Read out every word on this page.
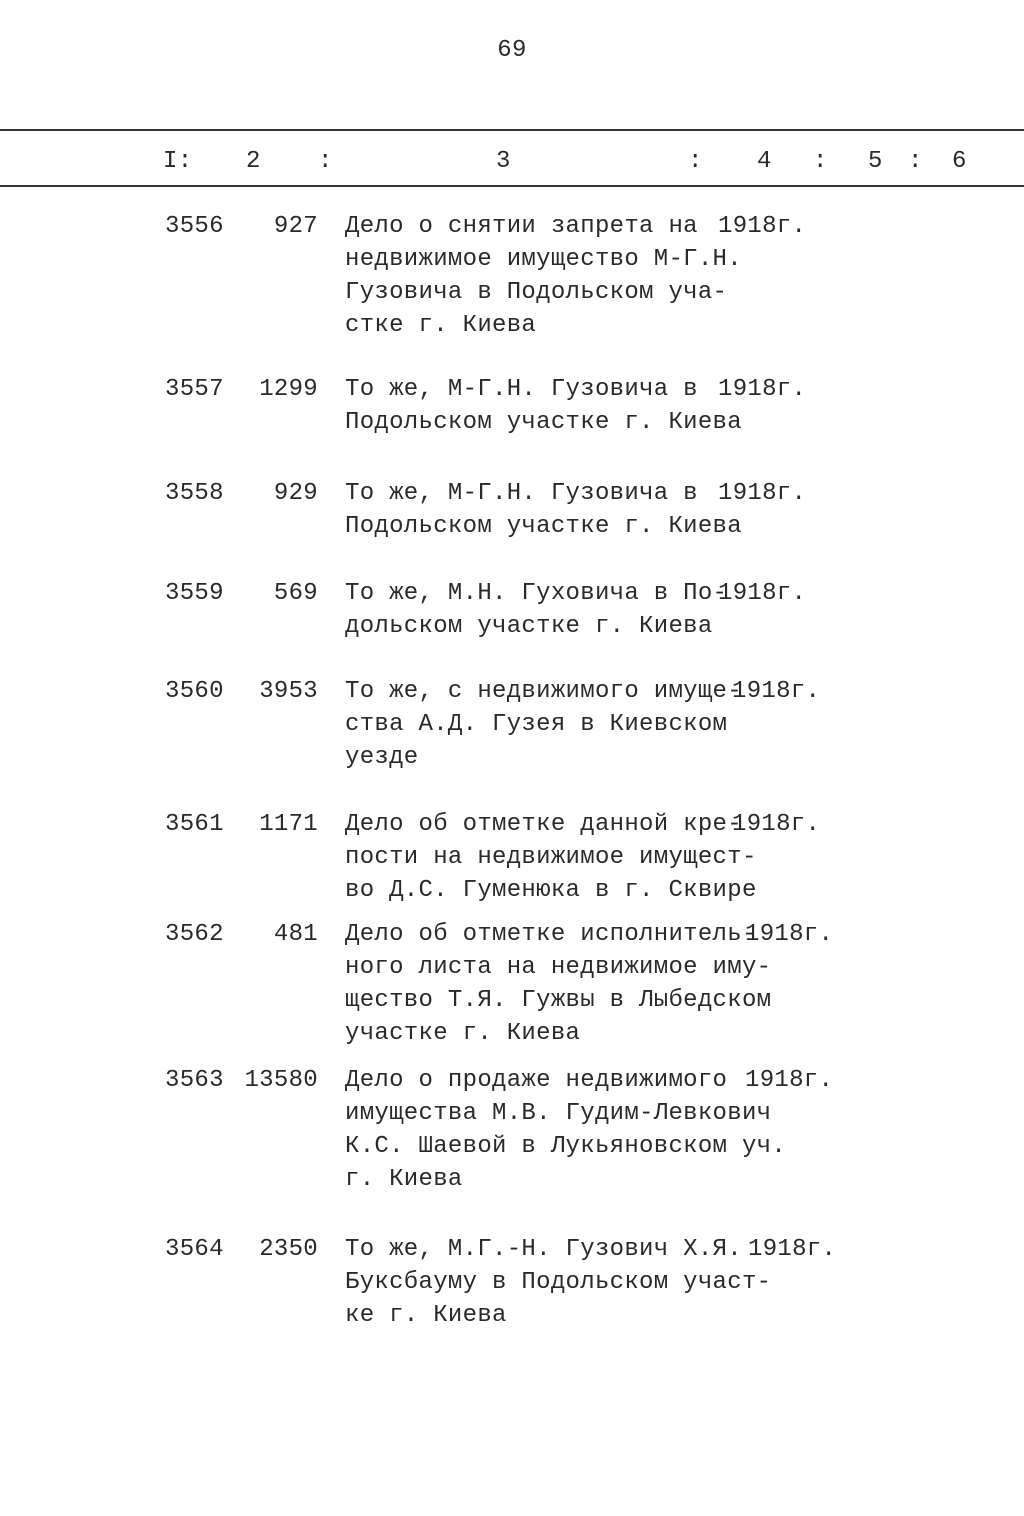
69
I: 2 :	3	: 4 : 5 : 6
3556	927 Дело о снятии запрета на
недвижимое имущество М-Г.Н.
Гузовича в Подольском уча-
стке г. Киева
1918г.
3557	1299 То же, М-Г.Н. Гузовича в
Подольском участке г. Киева
1918г.
3558	929 То же, М-Г.Н. Гузовича в
Подольском участке г. Киева
1918г.
3559	569 То же, М.Н. Гуховича в По-
дольском участке г. Киева
1918г.
3560	3953 То же, с недвижимого имуще-
ства А.Д. Гузея в Киевском
уезде
1918г.
3561	1171 Дело об отметке данной кре-
пости на недвижимое имущест-
во Д.С. Гуменюка в г. Сквире
1918г.
3562	481 Дело об отметке исполнитель-
ного листа на недвижимое иму-
щество Т.Я. Гужвы в Лыбедском
участке г. Киева
1918г.
3563 13580 Дело о продаже недвижимого
имущества М.В. Гудим-Левкович
К.С. Шаевой в Лукьяновском уч.
г. Киева
1918г.
3564	2350 То же, М.Г.-Н. Гузович Х.Я.
Буксбауму в Подольском участ-
ке г. Киева
1918г.
